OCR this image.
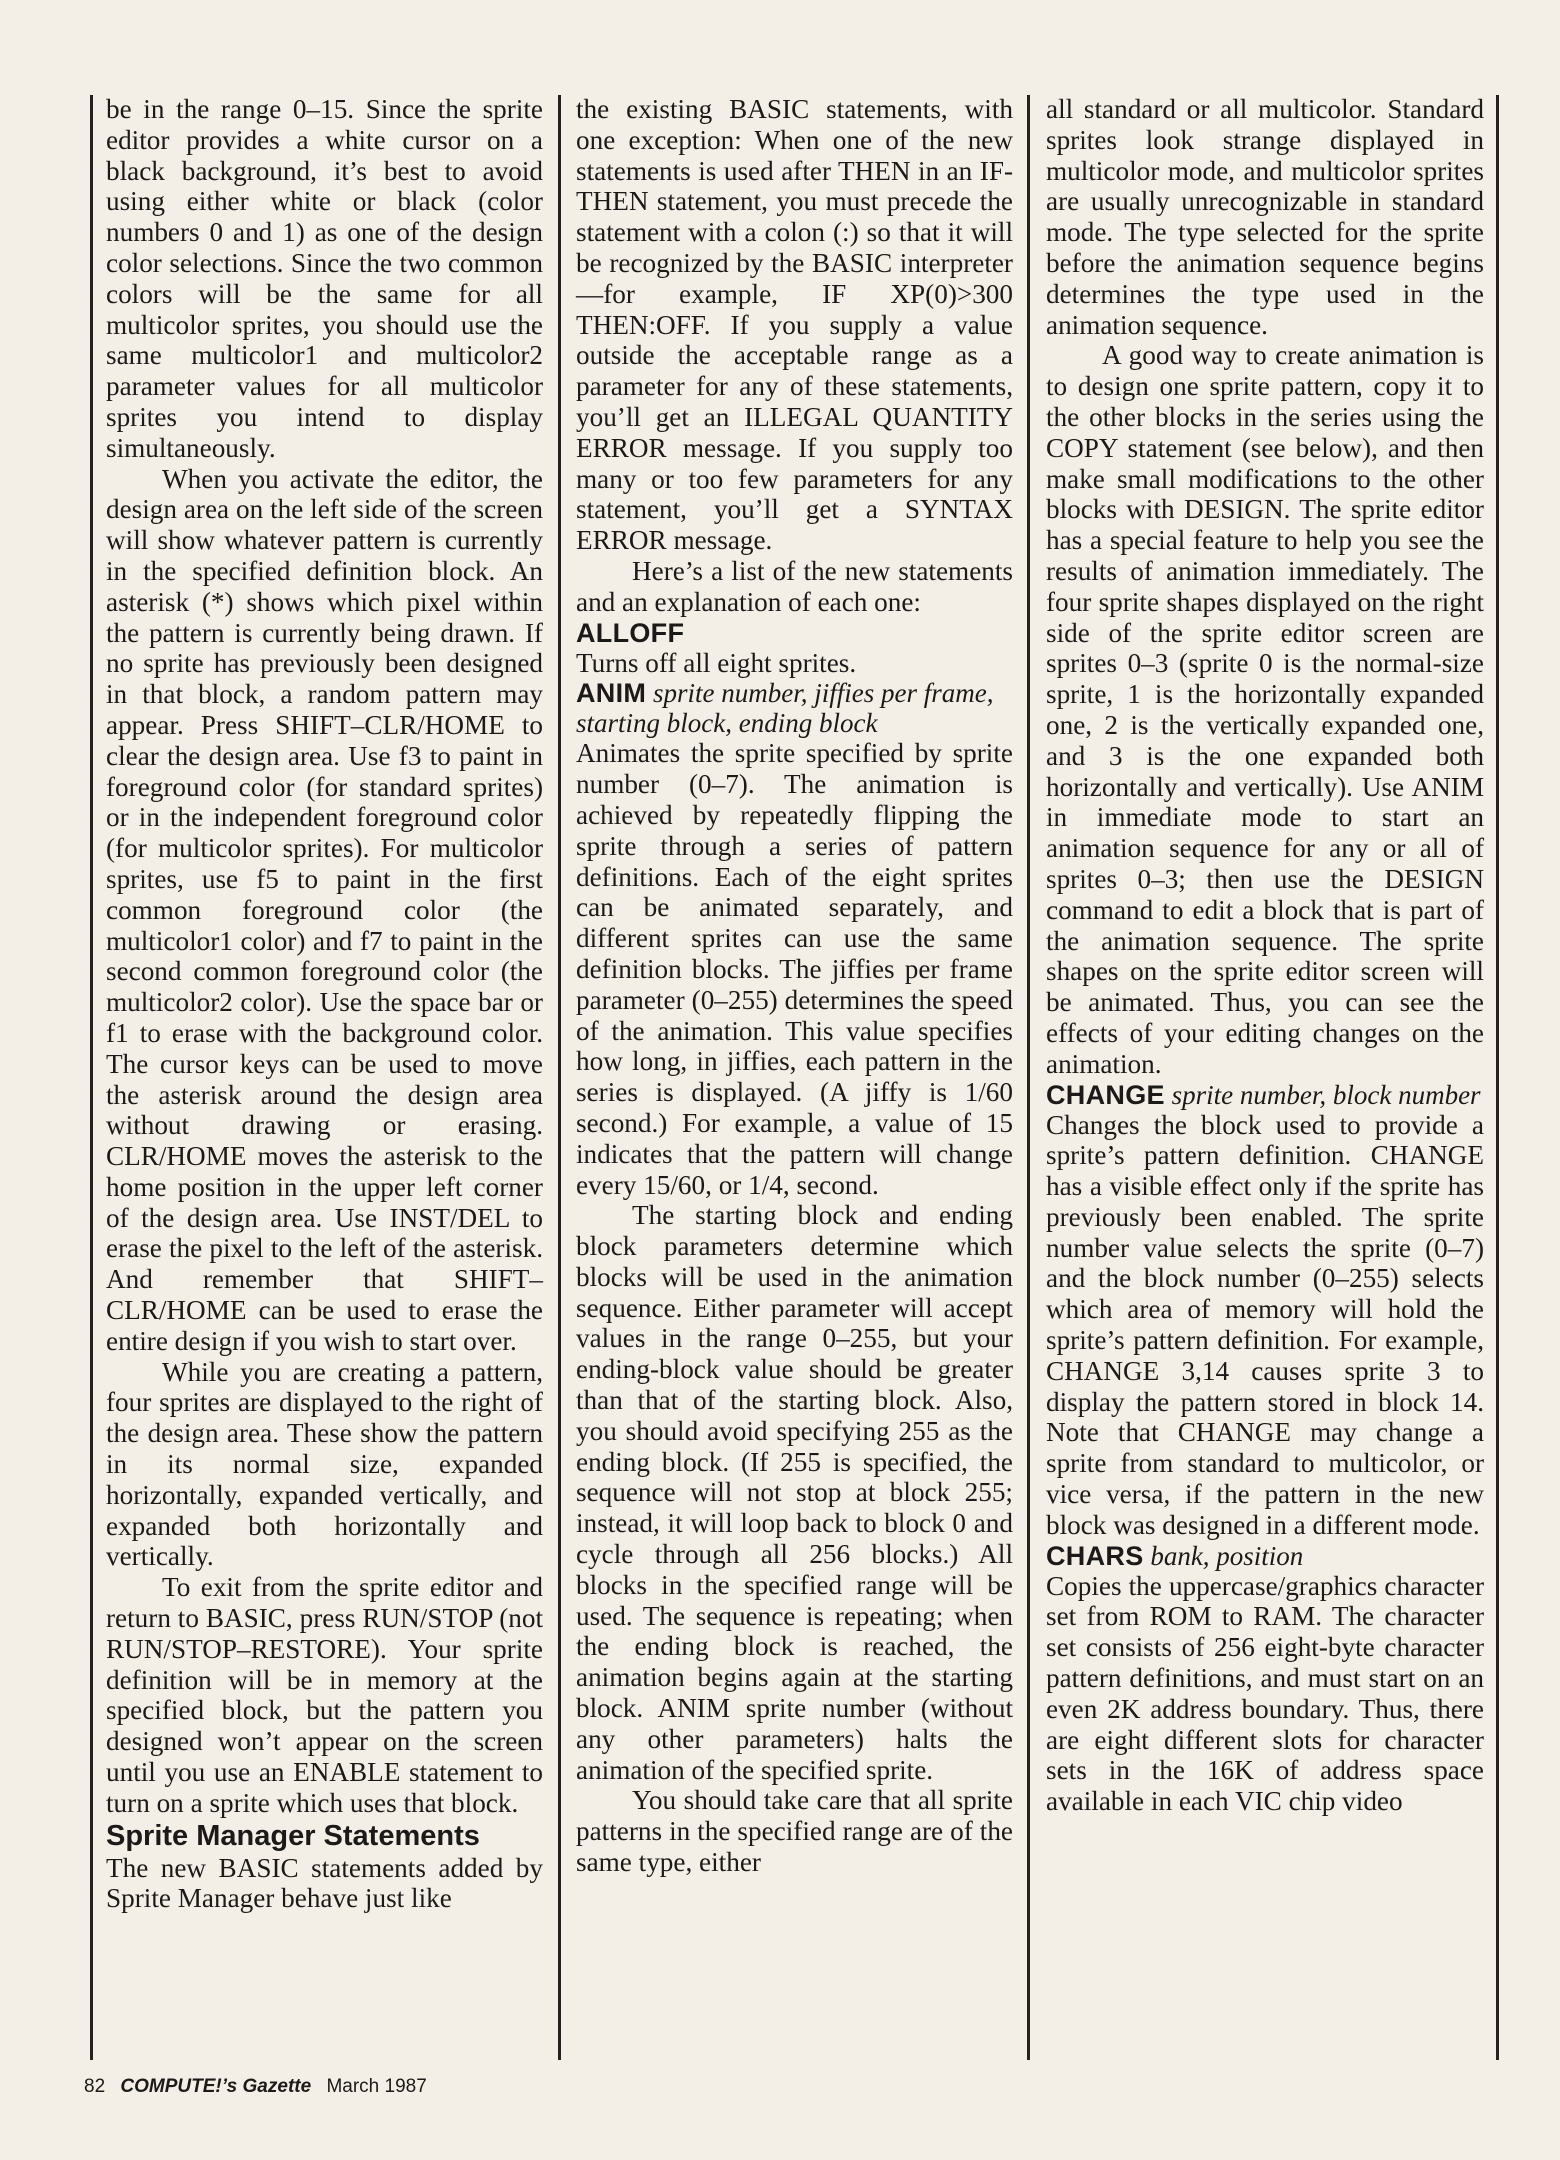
be in the range 0–15. Since the sprite editor provides a white cursor on a black background, it’s best to avoid using either white or black (color numbers 0 and 1) as one of the design color selections. Since the two common colors will be the same for all multicolor sprites, you should use the same multicolor1 and multicolor2 parameter values for all multicolor sprites you intend to display simultaneously.

When you activate the editor, the design area on the left side of the screen will show whatever pattern is currently in the specified definition block. An asterisk (*) shows which pixel within the pattern is currently being drawn. If no sprite has previously been designed in that block, a random pattern may appear. Press SHIFT–CLR/HOME to clear the design area. Use f3 to paint in foreground color (for standard sprites) or in the independent foreground color (for multicolor sprites). For multicolor sprites, use f5 to paint in the first common foreground color (the multicolor1 color) and f7 to paint in the second common foreground color (the multicolor2 color). Use the space bar or f1 to erase with the background color. The cursor keys can be used to move the asterisk around the design area without drawing or erasing. CLR/HOME moves the asterisk to the home position in the upper left corner of the design area. Use INST/DEL to erase the pixel to the left of the asterisk. And remember that SHIFT–CLR/HOME can be used to erase the entire design if you wish to start over.

While you are creating a pattern, four sprites are displayed to the right of the design area. These show the pattern in its normal size, expanded horizontally, expanded vertically, and expanded both horizontally and vertically.

To exit from the sprite editor and return to BASIC, press RUN/STOP (not RUN/STOP–RESTORE). Your sprite definition will be in memory at the specified block, but the pattern you designed won’t appear on the screen until you use an ENABLE statement to turn on a sprite which uses that block.

Sprite Manager Statements

The new BASIC statements added by Sprite Manager behave just like

the existing BASIC statements, with one exception: When one of the new statements is used after THEN in an IF-THEN statement, you must precede the statement with a colon (:) so that it will be recognized by the BASIC interpreter—for example, IF XP(0)>300 THEN:OFF. If you supply a value outside the acceptable range as a parameter for any of these statements, you’ll get an ILLEGAL QUANTITY ERROR message. If you supply too many or too few parameters for any statement, you’ll get a SYNTAX ERROR message.

Here’s a list of the new statements and an explanation of each one:

ALLOFF

Turns off all eight sprites.

ANIM sprite number, jiffies per frame, starting block, ending block

Animates the sprite specified by sprite number (0–7). The animation is achieved by repeatedly flipping the sprite through a series of pattern definitions. Each of the eight sprites can be animated separately, and different sprites can use the same definition blocks. The jiffies per frame parameter (0–255) determines the speed of the animation. This value specifies how long, in jiffies, each pattern in the series is displayed. (A jiffy is 1/60 second.) For example, a value of 15 indicates that the pattern will change every 15/60, or 1/4, second.

The starting block and ending block parameters determine which blocks will be used in the animation sequence. Either parameter will accept values in the range 0–255, but your ending-block value should be greater than that of the starting block. Also, you should avoid specifying 255 as the ending block. (If 255 is specified, the sequence will not stop at block 255; instead, it will loop back to block 0 and cycle through all 256 blocks.) All blocks in the specified range will be used. The sequence is repeating; when the ending block is reached, the animation begins again at the starting block. ANIM sprite number (without any other parameters) halts the animation of the specified sprite.

You should take care that all sprite patterns in the specified range are of the same type, either

all standard or all multicolor. Standard sprites look strange displayed in multicolor mode, and multicolor sprites are usually unrecognizable in standard mode. The type selected for the sprite before the animation sequence begins determines the type used in the animation sequence.

A good way to create animation is to design one sprite pattern, copy it to the other blocks in the series using the COPY statement (see below), and then make small modifications to the other blocks with DESIGN. The sprite editor has a special feature to help you see the results of animation immediately. The four sprite shapes displayed on the right side of the sprite editor screen are sprites 0–3 (sprite 0 is the normal-size sprite, 1 is the horizontally expanded one, 2 is the vertically expanded one, and 3 is the one expanded both horizontally and vertically). Use ANIM in immediate mode to start an animation sequence for any or all of sprites 0–3; then use the DESIGN command to edit a block that is part of the animation sequence. The sprite shapes on the sprite editor screen will be animated. Thus, you can see the effects of your editing changes on the animation.

CHANGE sprite number, block number

Changes the block used to provide a sprite’s pattern definition. CHANGE has a visible effect only if the sprite has previously been enabled. The sprite number value selects the sprite (0–7) and the block number (0–255) selects which area of memory will hold the sprite’s pattern definition. For example, CHANGE 3,14 causes sprite 3 to display the pattern stored in block 14. Note that CHANGE may change a sprite from standard to multicolor, or vice versa, if the pattern in the new block was designed in a different mode.

CHARS bank, position

Copies the uppercase/graphics character set from ROM to RAM. The character set consists of 256 eight-byte character pattern definitions, and must start on an even 2K address boundary. Thus, there are eight different slots for character sets in the 16K of address space available in each VIC chip video

82 COMPUTE!’s Gazette March 1987
